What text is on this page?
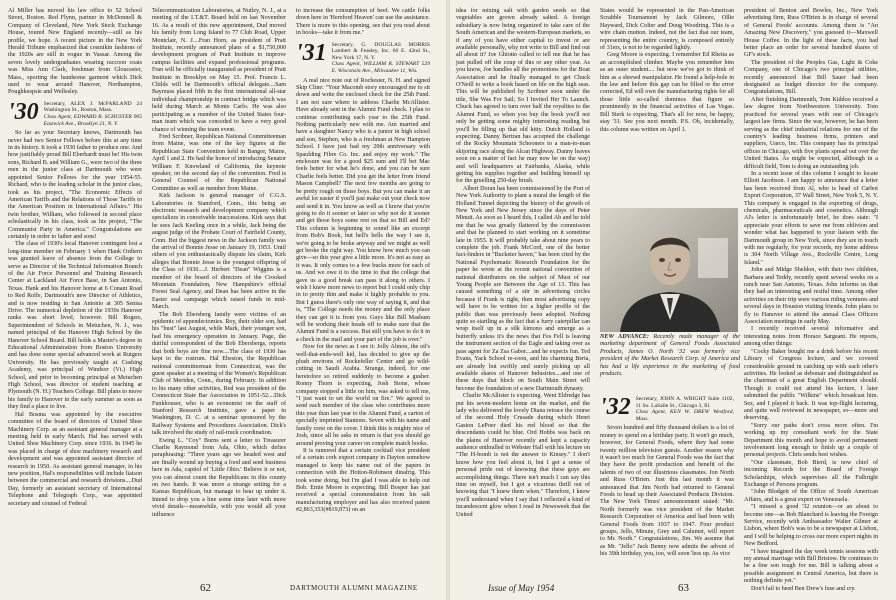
Al Miller has moved his law office to 52 School Street, Boston. Red Flynn, partner in McDonnell & Company of Cleveland, New York Stock Exchange House, toured New England recently—still as his profile, we hope. A recent picture in the New York Herald Tribune emphasized that cosmikin fashions of the 1920s are still in vogue in Vassar. Among the seven lovely undergraduates wearing raccoon coats was Miss Ann Clark, freshman from Gloucester, Mass., sporting the handsome garment which Dick used to wear around Hanover, Northampton, Poughkeepsie and Wellesley.

'30 Secretary, ALEX J. McFARLAND 24 Washington St., Boston, Mass.
Class Agent, EDWARD B. SCHUSTER 905 Eastwick Ave., Brooklyn 21, N. Y.

So far as your Secretary knows, Dartmouth has never had two Senior Fellows before this at any time in its history. It took a 1930 father to produce one. And how justifiably proud Bill Eberhardt must be! His twin sons, Richard B. and William G., were two of the three men in the junior class at Dartmouth who were appointed Senior Fellows for the year 1954-55. Richard, who is the leading scholar in the junior class, took as his project, "The Economic Effects of American Tariffs and the Relations of Those Tariffs to the American Position in International Affairs." His twin brother, William, who followed in second place scholastically in his class, took as his project, "The Communist Party in America." Congratulations are certainly in order to father and sons!

The class of 1930's local Hanover contingent lost a long-time member on February 1 when Hank Ordiern was granted leave of absence from the College to serve as Director of the Technical Information Branch of the Air Force Personnel and Training Research Center at Lackland Air Force Base, in San Antonio, Texas. Hank and his Hanover home at 6 Conant Road to Red Rolfe, Dartmouth's new Director of Athletics, and is now residing in San Antonio at 305 Senisa Drive. The numerical depletion of the 1930s Hanover ranks was short lived, however. Bill Rogers, Superintendent of Schools in Metuchen, N. J., was named principal of the Hanover High School by the Hanover School Board. Bill holds a Master's degree in Educational Administration from Boston University and has done some special advanced work at Rutgers University. He has previously taught at Cushing Academy, was principal of Windsor (Vt.) High School, and prior to becoming principal at Metuchen High School, was director of student teaching at Plymouth (N. H.) Teachers College. Bill plans to move his family to Hanover in the early summer as soon as they find a place to live.

Hal Bosma was appointed by the executive committee of the board of directors of United Shoe Machinery Corp. as an assistant general manager at a meeting held in early March. Hal has served with United Shoe Machinery Corp. since 1936. In 1945 he was placed in charge of shoe machinery research and development and was appointed assistant director of research in 1950. As assistant general manager, in his new position, Hal's responsibilities will include liaison between the commercial and research divisions....Dud Day, formerly an assistant secretary of International Telephone and Telegraph Corp., was appointed secretary and counsel of Federal

Telecommunication Laboratories, at Nutley, N. J., at a meeting of the I.T.&T. Board held on last November 16. As a result of this new appointment, Dud moved his family from Long Island to 77 Club Road, Upper Montclair, N. J....Fran Horn, as president of Pratt Institute, recently announced plans of a $1,750,000 development program of Pratt Institute to improve campus facilities and expand professional programs. Fran will be officially inaugurated as president of Pratt Institute in Brooklyn on May 15. Prof. Francis L. Childs will be Dartmouth's official delegate....Sam Bayreuss placed fifth in the first international all-star individual championship in contract bridge which was held during March at Monte Carlo. He was also participating as a member of the United States four-man team which was conceded to have a very good chance of winning the team event.

Fred Scribner, Republican National Committeeman from Maine, was one of the key figures at the Republican State Convention held in Bangor, Maine, April 1 and 2. He had the honor of introducing Senator William F. Knowland of California, the keynote speaker, on the second day of the convention. Fred is General Counsel of the Republican National Committee as well as member from Maine.

Kirk Jackson is general manager of C.G.S. Laboratories in Stamford, Conn., this being an electronic research and development company which specializes in conceivable inaccessions. Kirk says that he sees Jack Keeling once in a while, Jack being the august judge of the Probate Court of Fairfield County, Conn. But the biggest news in the Jackson family was the arrival of Bonnie Jesse on January 19, 1953. Until others of you enthusiastically dispute his claim, Kirk alleges that Bonnie Jesse is the youngest offspring of the Class of 1930....J. Herbert "Dean" Wiggins is a member of the board of directors of the Crooked Mountain Foundation, New Hampshire's official Forest Seal Agency, and Dean has been active in the Easter seal campaign which raised funds in mid-March.

The Bob Ebersberg family were victims of an epidemic of appendectomies. Roy, their older son, had his "bust" last August, while Mark, their younger son, had his emergency operation in January. Page, the dutiful correspondent of the Bob Ebersbergs, reports that both boys are fine now....The class of 1930 has kept to the rostrum. Hal Ebeston, the Republican national committeeman from Connecticut, was the guest speaker at a meeting of the Women's Republican Club of Meriden, Conn., during February. In addition to his many other activities, Red was president of the Connecticut State Bar Association in 1951-52....Dick Funkhouser, who is an economist on the staff of Stanford Research Institute, gave a paper in Washington, D. C. at a seminar sponsored by the Railway Systems and Procedures Association. Dick's talk involved the study of rail-truck coordination.

Ewing L. "Coy" Burns sent a letter to Treasurer Charlie Raymond from Ada, Ohio, which defies paraphrasing: "Three years ago we headed west and are finally wound up buying a food and seed business here in Ada, capitol of 'Little Ohio.' Believe it or not, you can almost count the Republicans in this county on two hands. It was more a strange setting for a Kansas Republican, but manage to bear up under it. Intend to drop you a line some time later with more vivid details—meanwhile, with you would all your influence

to increase the consumption of beef. We cattle folks down here in 'Hereford Heaven' can use the assistance. There is more to this opening, see that you read about in books—take it from me."

'31 Secretary, G. DOUGLAS MORRIS Lambert & Feasley, Inc. 60 E. 42nd St., New York 17, N. Y.
Class Agent, WILLIAM R. STEWART 529 E. Wisconsin Ave., Milwaukee 11, Wis.

A real nice note out of Rochester, N. H. and signed Skip Cline: "Your Macomb story encouraged me to sit down and write the enclosed check for the 25th Fund. I am not sure where to address Charlie McAllister. Have already sent in the Alumni Fund check. I plan to continue contributing each year to the 25th Fund. Nothing particularly new with me. Am married and have a daughter Nancy who is a junior in high school and son, Stephen, who is a freshman at New Hampton School. I have just had my 20th anniversary with Spaulding Fibre Co. Inc. and enjoy my work." The enclosure was for a good $25 sum and I'll bet Mac feels better for what he's done, and you can be sure Charlie feels better. Did you get the letter from friend Mason Campbell? The next few months are going to be pretty rough on those boys. But you can make it an awful lot easier if you'll just make out your check now and send it in. You know as well as I know that you're going to do it sooner or later so why not do it sooner and get those boys some rest on that so Bill and Ed? This column is beginning to sound like an excerpt from Bob's Book, but hell's bells the way I see it, we're going to be broke anyway and we might as well get broke the right way. You know how much you can give—so this year give a little more. It's not as easy as it was. It only comes to a few bucks more for each of us. And we owe it to the time to that the college that gave us a good break can pass it along to others. I wish I knew more news to report but I could only chip in to pretty thin and make it highly probable to you. But I guess there's only one way of saying it, and that is, "The College needs the money and the only place they can get it is from you. Guys like Bill Mashum will be working their heads off to make sure that the Alumni Fund is a success. But still you have to do it in a check in the mail and your part of the job is over."

Now for the news as I see it: Jolly Almon, the oil's well-that-ends-well kid, has decided to give up the plush environs of Rockefeller Center and go wild-cutting in Saudi Arabia. Strange, indeed, for one heretofore so retired suddenly to become a gusher. Ronny Thorn is expecting, Josh Stone, whose company stopped a little on him, was asked to tell me, "I just want to set the world on fire." We agreed to send each member of the class who contributes more this year than last year to the Alumni Fund, a carton of specially imprinted Stantons. Seven with his name and family crest on the cover. I think this is mighty nice of Josh, since all he asks in return is that you should go around proving your career on complete match books.

It is rumored that a certain cocktail vice president of a certain cork export company in Dayton somehow managed to keep his name out of the papers in connection with the Hotton-Robinson dinafrig. This took some doing, but I'm glad I was able to help out Bob. Ernie Moore is expecting, Bill Bosper has just received a special commendation from his salt manufacturing employer and has also received patent #2,863,353(#819,873) on an

62	DARTMOUTH ALUMNI MAGAZINE

idea for mixing salt with garden seeds so that vegetables are grown already salted. A foreign subsidiary is now being organized to take care of the South American and the western-European markets, so if any of you have either capital to invest or are available personally, why not write to Bill and find out all about it? Joe Ghiotto called to tell me that he has just pulled off the coup of this or any other year. As you know, Joe handles all the promotions for the Boat Association and he finally managed to get Chuck O'Neill to write a book based on life on the high seas. This will be published by Scribner soon under the title, She Was For Sail; So I Invited Her To Launch. Chuck has agreed to turn over half the royalties to the Alumni Fund, so when you buy the book you'll not only be getting some mighty interesting reading but you'll be filling up that old kitty. Dutch Holland is expecting. Danny Bertran has accepted the challenge of the Rocky Mountain Schooners to a man-to-man skijoring race along the Alcan Highway. Danny leaves soon on a matter of fact he may now be on the way) and will headquarters at Fairbanks, Alaska, while getting his supplies together and building himself up for the gruelling 250-day brush.

Albert Doran has been commissioned by the Port of New York Authority to plant a mural the length of the Holland Tunnel depicting the history of the growth of New York and New Jersey since the days of Peter Minuit. As soon as I heard this, I called Ab and he told me that he was greatly flattered by the commission and that he planned to start working on it sometime late in 1955. It will probably take about nine years to complete the job. Frank McCord, one of the better fact-finders in "Bucketer haven," has been cited by the National Psychomatic Research Foundation for the paper he wrote at the recent national convention of national distributors on the subject of Must of our Young People are Between the Age of 13. This has caused something of a stir in advertising circles because if Frank is right, then most advertising copy will have to be written for a higher profile of the public than was previously been adopted. Nothing quite so startling as the fact that a furry caterpillar can wrap itself up in a silk kimono and emerge as a butterfly unless it's the news that Fes Fell is leaving the instrument section of the Eagle and taking over as pass agent for Za Zsa Gabor....and he expects fun. Ted Evans, Yack School re-coon, and his charming Berta, are already but swiftly and surely picking up all available shares of Hanover Industries....and one of these days that block on South Main Street will become the foundation of a new Dartmouth dynasty.

Charlie McAllister is expecting. Went Eldredge has put his seven-modern home on the market, and the lady who delivered the lovely Diana retrace the course of the second Holy Crusade during which Henri Gaston LePoer died his red blood so that the descendants could be blue. Ord Hobbs was back on the plains of Hanover recently and kept a capacity audience enthralled in Webster Hall with his lecture on "The H-bomb is not the answer to Kinsey." I don't know how you feel about it, but I get a sense of personal pride out of knowing that these guys are accomplishing things. There isn't much I can say this time on myself, but I got a vicarious thrill out of knowing that "I knew them when." Therefore, I know you'll understand when I say that I reflected a kind of incandescent glow when I read in Newsweek that the United

States would be represented in the Pan-American Scrabble Tournament by Jack Gilmore, Ollie Hayward, Dick Colter and Doug Woodring. This is a wire chain mutton. Indeed, not the fact that our team, representing the entire country, is composed entirely of 31ers, is not to be regarded lightly.

Greg Moore is expecting. I remember Ed Rheita as an accomplished climber. Maybe you remember him as an outer student.... but now we've got to think of him as a shrewd manipulator. He found a help-bole in the law and before this gap can be filled or the error corrected, Ed will own the manufacturing rights for all those little so-called dominos that figure so prominently in the financial activities of Las Vegas. Bill Sterk is expecting. That's all for now, be happy, stay '31. See you next month. P.S. Oh, incidentally, this column was written on April 1.

president of Benton and Bowles, Inc., New York advertising firm, Russ O'Brien is in charge of several of General Foods' accounts. Among them is "An Amazing New Discovery," you guessed it—Maxwell House Coffee. In the light of these facts, you had better place an order for several hundred shares of GF's stock.

The president of the Peoples Gas, Light & Coke Company, one of Chicago's two principal utilities, recently announced that Bill Sauer had been designated as budget director for the company. Congratulations, Bill.

After finishing Dartmouth, Tom Kiddoo received a law degree from Northwestern University. Tom practiced for several years with one of Chicago's largest law firms. Since the war, however, he has been serving as the chief industrial relations for one of the country's leading business firms, printers and suppliers, Uarco, Inc. This company has its principal offices in Chicago, with five plants spread out over the United States. As might be expected, although in a difficult field, Tom is doing an outstanding job.

In a recent issue of this column I sought to locate Elliott Jacobson. I am happy to announce that a letter has been received from Al, who is head of Carbot Export Corporation, 37 Wall Street, New York 5, N. Y. This company is engaged in the exporting of drugs, chemicals, pharmaceuticals and cosmetics. Although Al's letter is unfortunately brief, he does state: "I appreciate your efforts to save me from oblivion and wonder what has happened to your liaison with the Dartmouth group in New York, since they are in touch with me regularly, for your records, my home address is 304 North Village Ave., Rockville Centre, Long Island."

John and Midge Sheldon, with their two children, Barbara and Teddy, recently spent several weeks on a ranch near San Antonio, Texas. John informs us that they had an interesting and restful time. Among other activities on their trip were various riding ventures and several days in Houston visiting friends. John plans to fly to Hanover to attend the annual Class Officers Association meetings in early May.

I recently received several informative and interesting notes from Horace Sargeant. He reports, among other things:

"Cocky Baker bought me a drink before his recent Library of Congress lecture, and we covered considerable ground in catching up with each other's activities. He looked as debonair and distinguished as the chairman of a great English Department should. Though it could not attend his lecture, I later submitted the public "Wilkins" which broadcast him. Sez, and I played it back. It was top-flight lecturing, and quite well reviewed in newspaper, so—more and deserving.

"Sorry our paths don't cross more often. I'm working up my consultant work for the State Department this month and hope to avoid permanent involvement long enough to finish up a couple of personal projects. Chris sends best wishes.

"Our classmate, Bob Bierd, is now chief of incoming Records for the Board of Foreign Scholarships, which supervises all the Fulbright Exchange of Persons program.

"John Blodgett of the Office of South American Affairs, and is a great expert on Venezuela.

"I missed a good '32 reunion—or an about to become one—as Bob Blanchard is leaving the Foreign Service, recently with Ambassador Walter Gilmer at Lisbon, where Bob's was to be a newspaper at Lisbon, and I will be helping to cross our more expert nights in New Bedford.

"I have imagined the day week tennis sessions with my annual marriage with Bill Bristow. He continues to be a fine son tough for me. Bill is talking about a possible assignment in Central America, but there is nothing definite yet."

Don't fail to heed Ben Drew's fuse and cry.

NEW ADVANCE: Recently made manager of the marketing department of General Foods Associated Products, James O. North '32 was formerly vice president of the Market Research Corp. of America and has had a life experience in the marketing of food products.

'32 Secretary, JOHN A. WRIGHT Suite 1102, 11 So. LaSalle St., Chicago 3, Ill.
Class Agent, KEN W. DREW Westford, Mass.

Seven hundred and fifty thousand dollars is a lot of money to spend on a birthday party. It won't go much, however, for General Foods, where they had some twenty million television guests. Another reason why it wasn't too much for General Foods was the fact that they have the profit production and benefit of the talents of two of our illustrious classmates. Jon North and Russ O'Brien. Just this last month it was announced that Jim North had returned to General Foods to head up their Associated Products Division. The New York Times' announcement stated: "Mr. North formerly was vice president of the Market Research Corporation of America and had been with General Foods from 1937 to 1947. Four product groups, Jello, Minute, Grey and Calumet, will report to Mr. North." Congratulations, Jim. We assume that as Mr. "Jello" Jack Benny now admits the advent of his 39th birthday, you, too, will soon 'less up. As vice

Issue of May 1954	63
